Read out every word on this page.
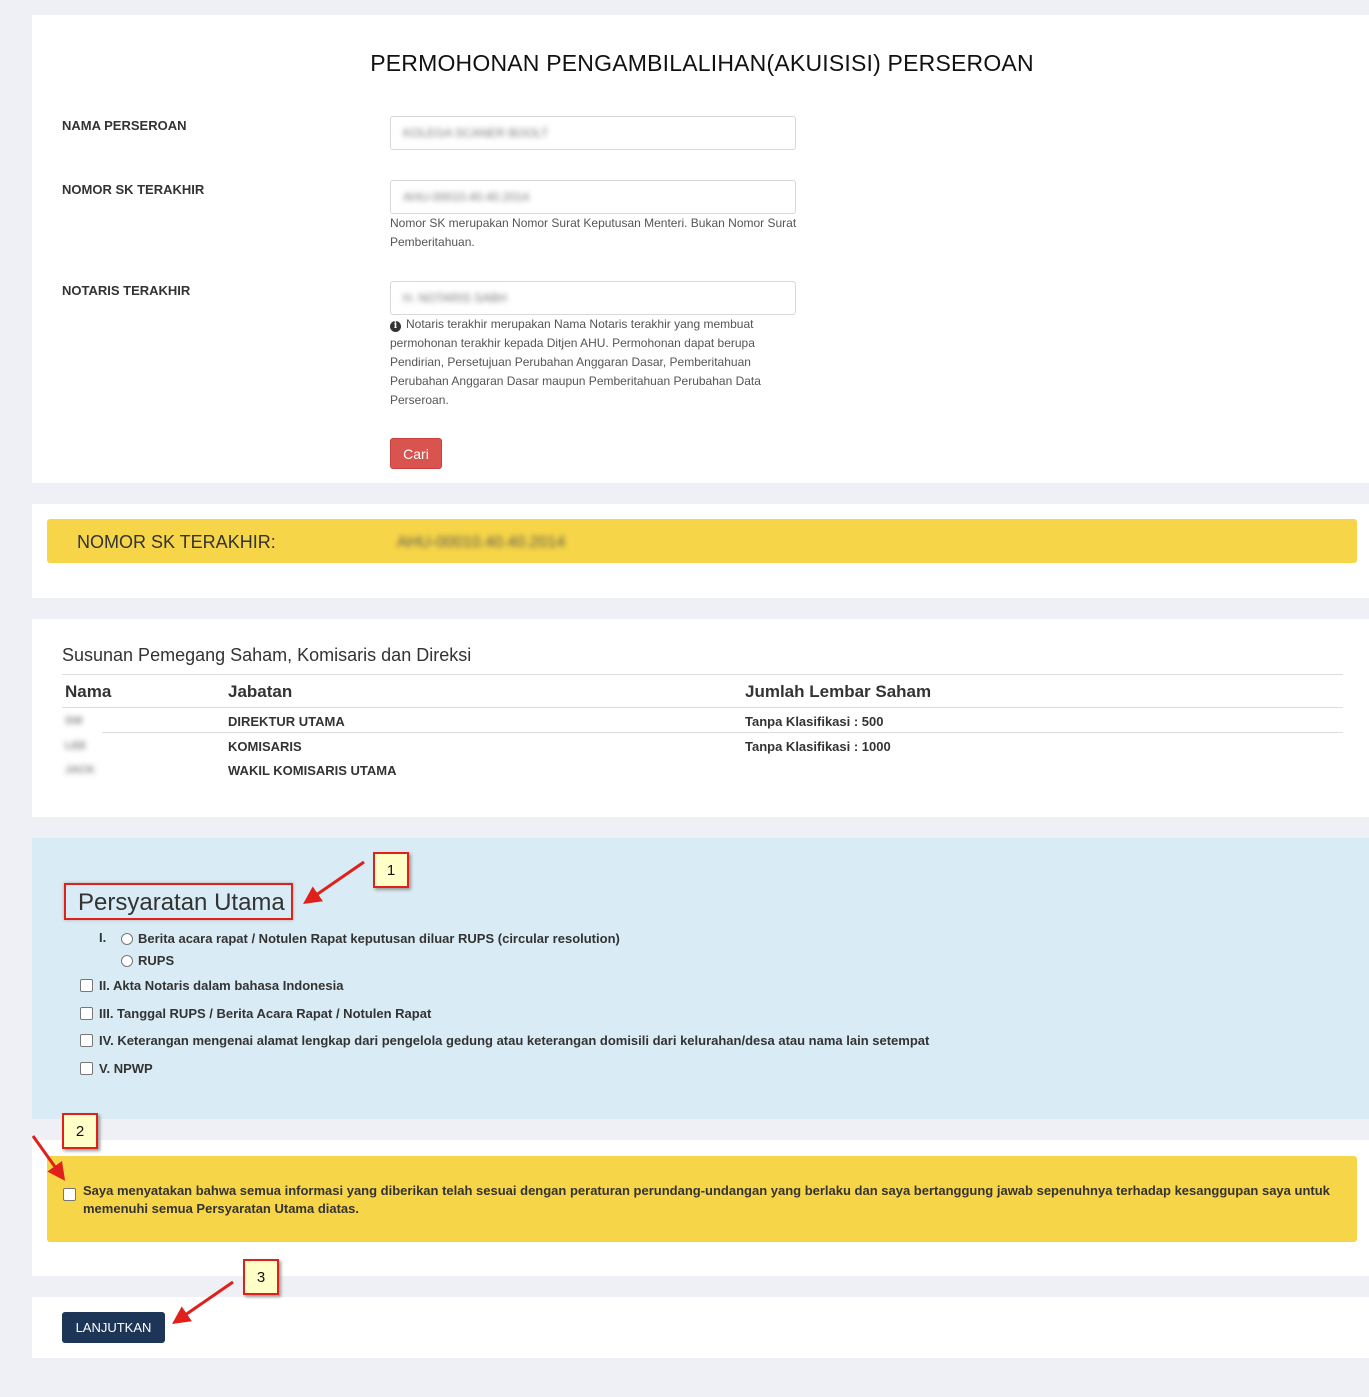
PERMOHONAN PENGAMBILALIHAN(AKUISISI) PERSEROAN
NAMA PERSEROAN	KOLEGA SCANER BOOLT
NOMOR SK TERAKHIR	AHU-00010.40.40.2014
Nomor SK merupakan Nomor Surat Keputusan Menteri. Bukan Nomor Surat Pemberitahuan.
NOTARIS TERAKHIR	H. NOTARIS SABH
i Notaris terakhir merupakan Nama Notaris terakhir yang membuat permohonan terakhir kepada Ditjen AHU. Permohonan dapat berupa Pendirian, Persetujuan Perubahan Anggaran Dasar, Pemberitahuan Perubahan Anggaran Dasar maupun Pemberitahuan Perubahan Data Perseroan.
Cari
NOMOR SK TERAKHIR:	AHU-00010.40.40.2014
Susunan Pemegang Saham, Komisaris dan Direksi
Nama	Jabatan	Jumlah Lembar Saham
SW	DIREKTUR UTAMA	Tanpa Klasifikasi : 500
LEE	KOMISARIS	Tanpa Klasifikasi : 1000
JACK	WAKIL KOMISARIS UTAMA
Persyaratan Utama
I. Berita acara rapat / Notulen Rapat keputusan diluar RUPS (circular resolution)
RUPS
II. Akta Notaris dalam bahasa Indonesia
III. Tanggal RUPS / Berita Acara Rapat / Notulen Rapat
IV. Keterangan mengenai alamat lengkap dari pengelola gedung atau keterangan domisili dari kelurahan/desa atau nama lain setempat
V. NPWP
Saya menyatakan bahwa semua informasi yang diberikan telah sesuai dengan peraturan perundang-undangan yang berlaku dan saya bertanggung jawab sepenuhnya terhadap kesanggupan saya untuk memenuhi semua Persyaratan Utama diatas.
LANJUTKAN
1
2
3
